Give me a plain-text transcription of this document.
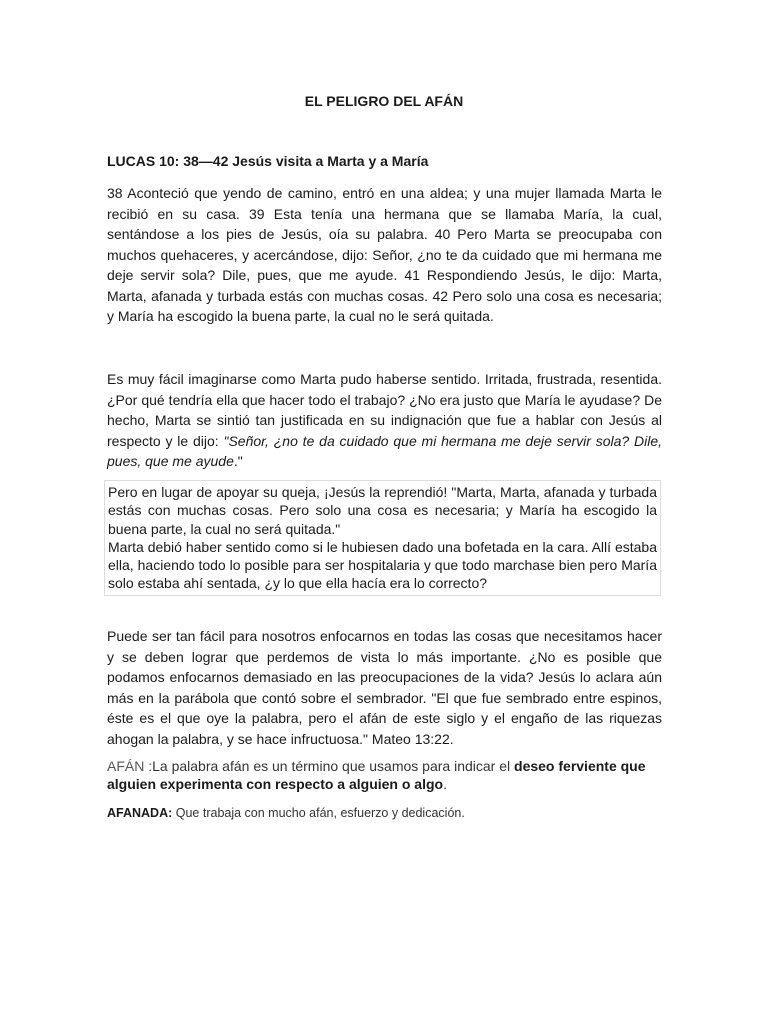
EL PELIGRO DEL AFÁN
LUCAS 10: 38—42 Jesús visita a Marta y a María
38 Aconteció que yendo de camino, entró en una aldea; y una mujer llamada Marta le recibió en su casa. 39 Esta tenía una hermana que se llamaba María, la cual, sentándose a los pies de Jesús, oía su palabra. 40 Pero Marta se preocupaba con muchos quehaceres, y acercándose, dijo: Señor, ¿no te da cuidado que mi hermana me deje servir sola? Dile, pues, que me ayude. 41 Respondiendo Jesús, le dijo: Marta, Marta, afanada y turbada estás con muchas cosas. 42 Pero solo una cosa es necesaria; y María ha escogido la buena parte, la cual no le será quitada.
Es muy fácil imaginarse como Marta pudo haberse sentido. Irritada, frustrada, resentida. ¿Por qué tendría ella que hacer todo el trabajo? ¿No era justo que María le ayudase? De hecho, Marta se sintió tan justificada en su indignación que fue a hablar con Jesús al respecto y le dijo: "Señor, ¿no te da cuidado que mi hermana me deje servir sola? Dile, pues, que me ayude."

Pero en lugar de apoyar su queja, ¡Jesús la reprendió! "Marta, Marta, afanada y turbada estás con muchas cosas. Pero solo una cosa es necesaria; y María ha escogido la buena parte, la cual no será quitada."

Marta debió haber sentido como si le hubiesen dado una bofetada en la cara. Allí estaba ella, haciendo todo lo posible para ser hospitalaria y que todo marchase bien pero María solo estaba ahí sentada, ¿y lo que ella hacía era lo correcto?

Puede ser tan fácil para nosotros enfocarnos en todas las cosas que necesitamos hacer y se deben lograr que perdemos de vista lo más importante. ¿No es posible que podamos enfocarnos demasiado en las preocupaciones de la vida? Jesús lo aclara aún más en la parábola que contó sobre el sembrador. "El que fue sembrado entre espinos, éste es el que oye la palabra, pero el afán de este siglo y el engaño de las riquezas ahogan la palabra, y se hace infructuosa." Mateo 13:22.
AFÁN :La palabra afán es un término que usamos para indicar el deseo ferviente que alguien experimenta con respecto a alguien o algo.
AFANADA: Que trabaja con mucho afán, esfuerzo y dedicación.
